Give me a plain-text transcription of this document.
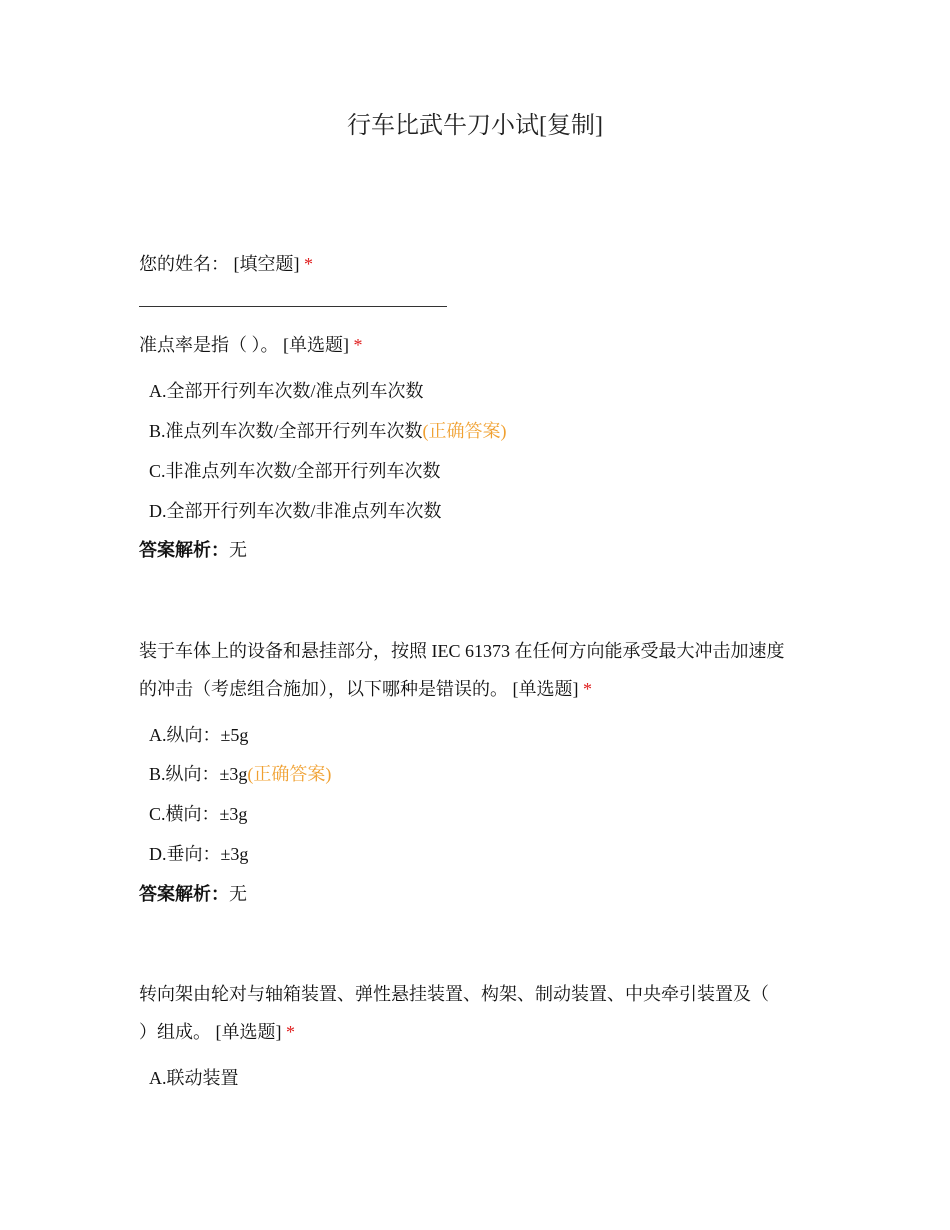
行车比武牛刀小试[复制]
您的姓名： [填空题] *
准点率是指（ ）。 [单选题] *
A.全部开行列车次数/准点列车次数
B.准点列车次数/全部开行列车次数(正确答案)
C.非准点列车次数/全部开行列车次数
D.全部开行列车次数/非准点列车次数
答案解析：无
装于车体上的设备和悬挂部分，按照 IEC 61373 在任何方向能承受最大冲击加速度
的冲击（考虑组合施加），以下哪种是错误的。 [单选题] *
A.纵向：±5g
B.纵向：±3g(正确答案)
C.横向：±3g
D.垂向：±3g
答案解析：无
转向架由轮对与轴箱装置、弹性悬挂装置、构架、制动装置、中央牵引装置及（
）组成。 [单选题] *
A.联动装置
